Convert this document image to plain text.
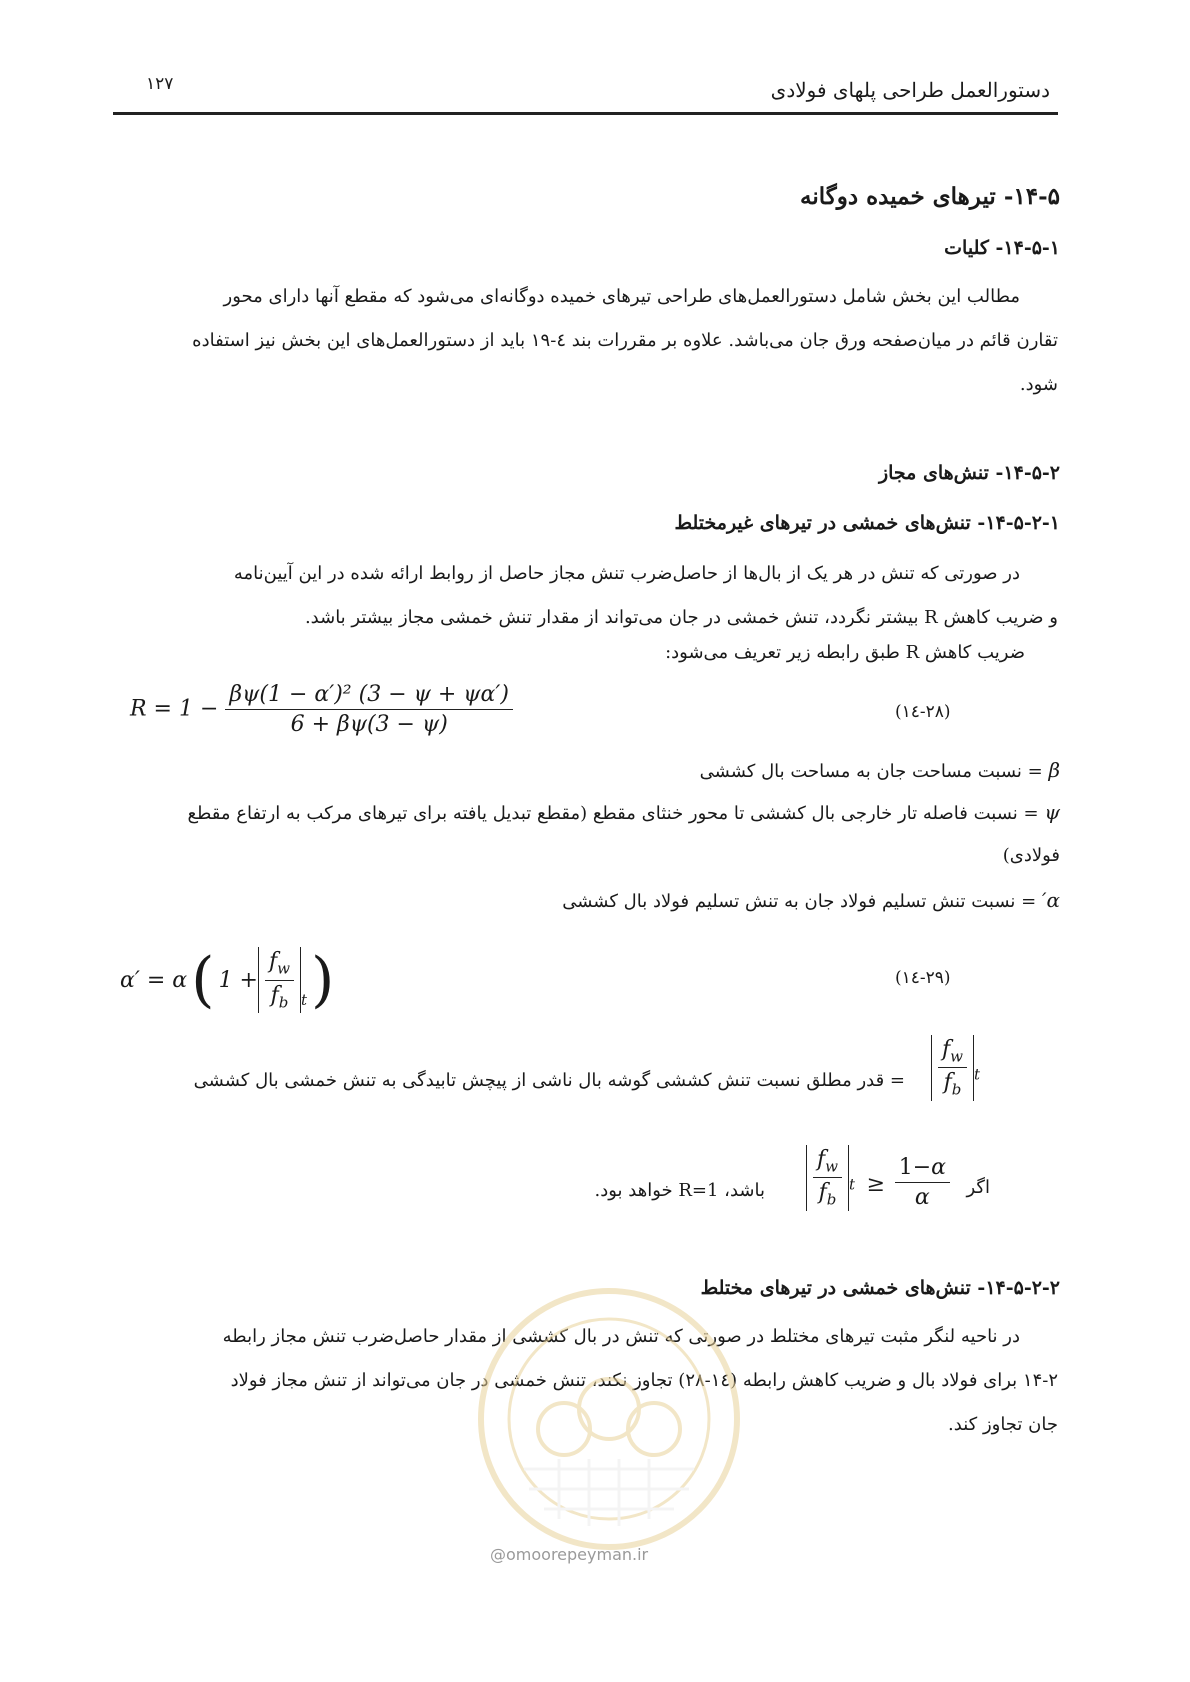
دستورالعمل طراحی پلهای فولادی
۱۲۷
۱۴-۵- تیرهای خمیده دوگانه
۱۴-۵-۱- کلیات

مطالب این بخش شامل دستورالعمل‌های طراحی تیرهای خمیده دوگانه‌ای می‌شود که مقطع آنها دارای محور

تقارن قائم در میان‌صفحه ورق جان می‌باشد. علاوه بر مقررات بند ٤-١٩ باید از دستورالعمل‌های این بخش نیز استفاده

شود.

۱۴-۵-۲- تنش‌های مجاز
۱۴-۵-۲-۱- تنش‌های خمشی در تیرهای غیرمختلط

در صورتی که تنش در هر یک از بال‌ها از حاصل‌ضرب تنش مجاز حاصل از روابط ارائه شده در این آیین‌نامه

و ضریب کاهش R بیشتر نگردد، تنش خمشی در جان می‌تواند از مقدار تنش خمشی مجاز بیشتر باشد.

ضریب کاهش R طبق رابطه زیر تعریف می‌شود:
$R = 1 - \frac{\text{βψ(1 − α′)² (3 − ψ + ψα′)}}{6 + \beta\psi(3 - \psi)}$	(۱٤-۲۸)
β = نسبت مساحت جان به مساحت بال کششی
ψ = نسبت فاصله تار خارجی بال کششی تا محور خنثای مقطع (مقطع تبدیل یافته برای تیرهای مرکب به ارتفاع مقطع
فولادی)
α′ = نسبت تنش تسلیم فولاد جان به تنش تسلیم فولاد بال کششی
α′ = α ( $1 + \frac{f_w}{f_b} _t$ )	(۱٤-۲۹)
$\frac{f_w}{f_b} _t$
= قدر مطلق نسبت تنش کششی گوشه بال ناشی از پیچش تابیدگی به تنش خمشی بال کششی
اگر
$\frac{1-\alpha}{\alpha}$
≥
$\frac{f_w}{f_b} _t$
باشد، R=1 خواهد بود.
۱۴-۵-۲-۲- تنش‌های خمشی در تیرهای مختلط

در ناحیه لنگر مثبت تیرهای مختلط در صورتی که تنش در بال کششی از مقدار حاصل‌ضرب تنش مجاز رابطه

۱۴-۲ برای فولاد بال و ضریب کاهش رابطه (۱٤-۲۸) تجاوز نکند، تنش خمشی در جان می‌تواند از تنش مجاز فولاد

جان تجاوز کند.

@omoorepeyman.ir
